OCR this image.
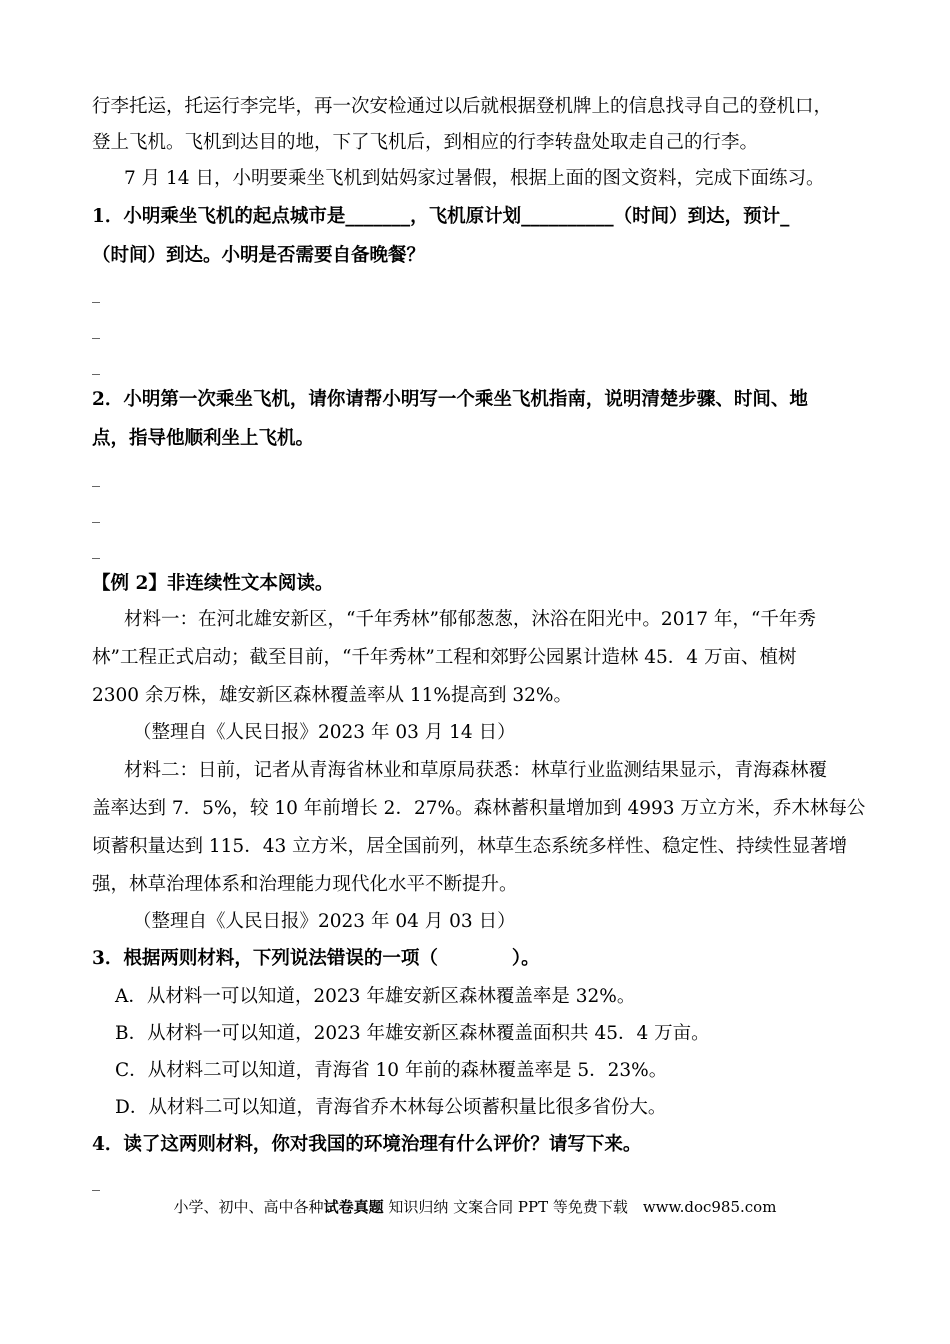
行李托运，托运行李完毕，再一次安检通过以后就根据登机牌上的信息找寻自己的登机口，
登上飞机。飞机到达目的地，下了飞机后，到相应的行李转盘处取走自己的行李。
7 月 14 日，小明要乘坐飞机到姑妈家过暑假，根据上面的图文资料，完成下面练习。
1．小明乘坐飞机的起点城市是_______，飞机原计划__________（时间）到达，预计_
（时间）到达。小明是否需要自备晚餐？
_
_
_
2．小明第一次乘坐飞机，请你请帮小明写一个乘坐飞机指南，说明清楚步骤、时间、地
点，指导他顺利坐上飞机。
_
_
_
【例 2】非连续性文本阅读。
材料一：在河北雄安新区，“千年秀林”郁郁葱葱，沐浴在阳光中。2017 年，“千年秀
林”工程正式启动；截至目前，“千年秀林”工程和郊野公园累计造林 45．4 万亩、植树
2300 余万株，雄安新区森林覆盖率从 11%提高到 32%。
（整理自《人民日报》2023 年 03 月 14 日）
材料二：日前，记者从青海省林业和草原局获悉：林草行业监测结果显示，青海森林覆
盖率达到 7．5%，较 10 年前增长 2．27%。森林蓄积量增加到 4993 万立方米，乔木林每公
顷蓄积量达到 115．43 立方米，居全国前列，林草生态系统多样性、稳定性、持续性显著增
强，林草治理体系和治理能力现代化水平不断提升。
（整理自《人民日报》2023 年 04 月 03 日）
3．根据两则材料，下列说法错误的一项（　　　　）。
A．从材料一可以知道，2023 年雄安新区森林覆盖率是 32%。
B．从材料一可以知道，2023 年雄安新区森林覆盖面积共 45．4 万亩。
C．从材料二可以知道，青海省 10 年前的森林覆盖率是 5．23%。
D．从材料二可以知道，青海省乔木林每公顷蓄积量比很多省份大。
4．读了这两则材料，你对我国的环境治理有什么评价？请写下来。
_
小学、初中、高中各种试卷真题 知识归纳 文案合同 PPT 等免费下载　www.doc985.com
